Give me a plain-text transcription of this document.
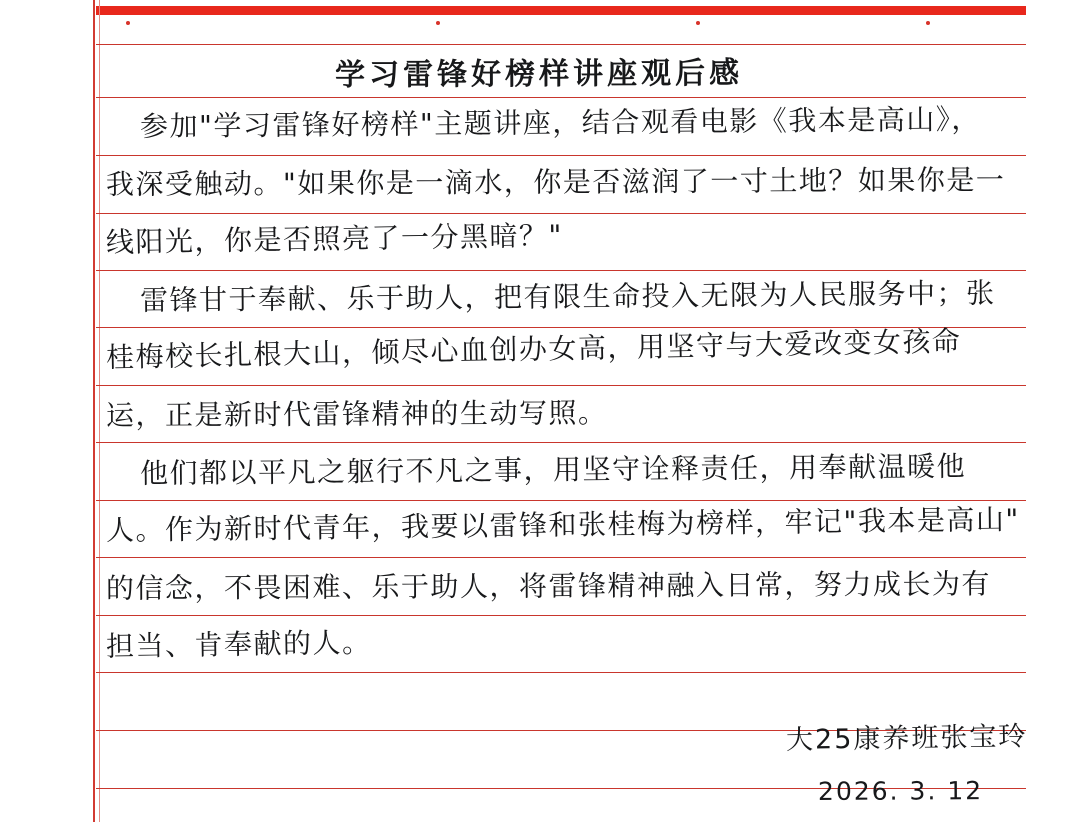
学习雷锋好榜样讲座观后感
参加"学习雷锋好榜样"主题讲座，结合观看电影《我本是高山》，
我深受触动。"如果你是一滴水，你是否滋润了一寸土地？如果你是一
线阳光，你是否照亮了一分黑暗？"
雷锋甘于奉献、乐于助人，把有限生命投入无限为人民服务中；张
桂梅校长扎根大山，倾尽心血创办女高，用坚守与大爱改变女孩命
运，正是新时代雷锋精神的生动写照。
他们都以平凡之躯行不凡之事，用坚守诠释责任，用奉献温暖他
人。作为新时代青年，我要以雷锋和张桂梅为榜样，牢记"我本是高山"
的信念，不畏困难、乐于助人，将雷锋精神融入日常，努力成长为有
担当、肯奉献的人。
大25康养班张宝玲
2026. 3. 12
